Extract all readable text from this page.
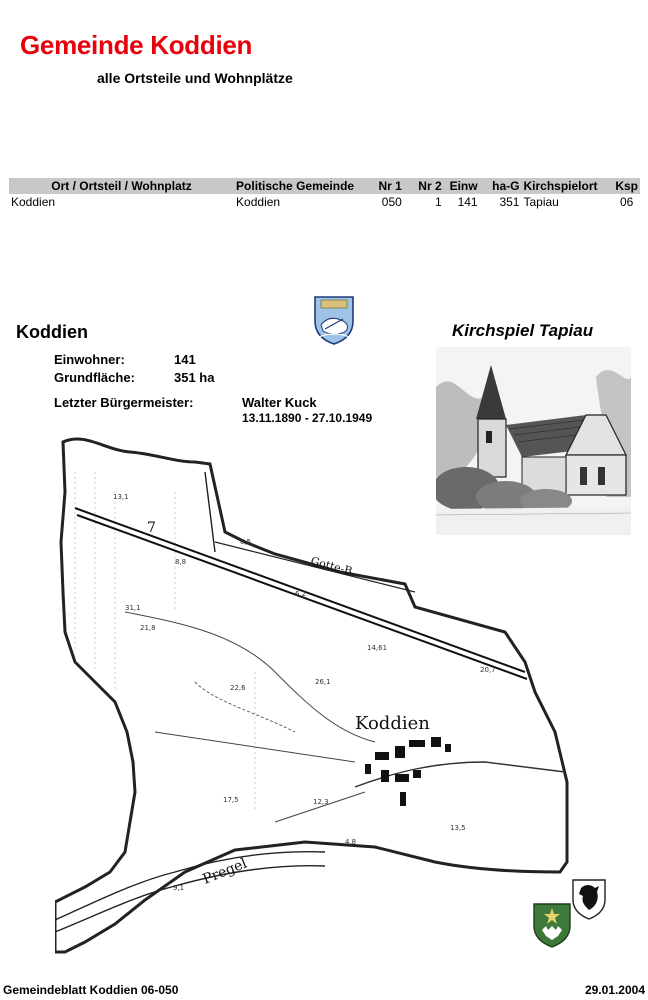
Gemeinde Koddien
alle Ortsteile und Wohnplätze
Ort / Ortsteil / Wohnplatz	Politische Gemeinde	Nr 1	Nr 2	Einw	ha-G	Kirchspielort	Ksp
Koddien	Koddien	050	1	141	351	Tapiau	06
Koddien	Kirchspiel Tapiau
Einwohner:	141
Grundfläche:	351 ha
Letzter Bürgermeister:	Walter Kuck
13.11.1890 - 27.10.1949
Koddien
Pregel
Gotte-B.
7
13,1
8,8
6,5
6,2
22,6
26,1
14,61
21,8
17,5	12,3
31,1
20,7
13,5
4,8
9,1
Gemeindeblatt Koddien 06-050	29.01.2004
